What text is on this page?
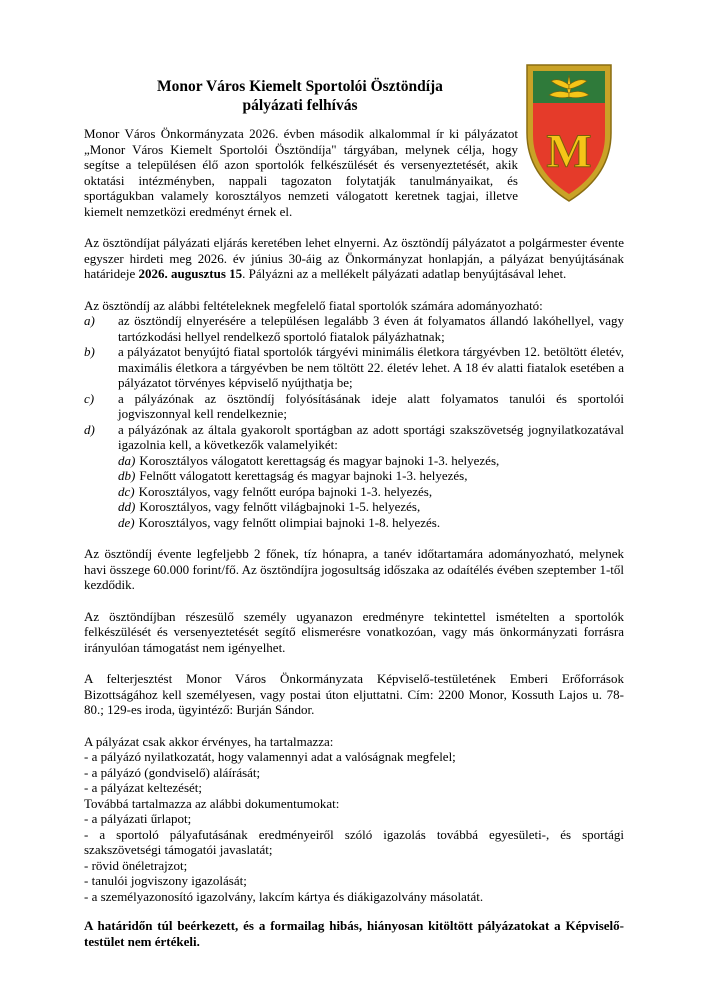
Monor Város Kiemelt Sportolói Ösztöndíja
pályázati felhívás
M

Monor Város Önkormányzata 2026. évben második alkalommal ír ki pályázatot „Monor Város Kiemelt Sportolói Ösztöndíja" tárgyában, melynek célja, hogy segítse a településen élő azon sportolók felkészülését és versenyeztetését, akik oktatási intézményben, nappali tagozaton folytatják tanulmányaikat, és sportágukban valamely korosztályos nemzeti válogatott keretnek tagjai, illetve kiemelt nemzetközi eredményt érnek el.

Az ösztöndíjat pályázati eljárás keretében lehet elnyerni. Az ösztöndíj pályázatot a polgármester évente egyszer hirdeti meg 2026. év június 30-áig az Önkormányzat honlapján, a pályázat benyújtásának határideje 2026. augusztus 15. Pályázni az a mellékelt pályázati adatlap benyújtásával lehet.

Az ösztöndíj az alábbi feltételeknek megfelelő fiatal sportolók számára adományozható:
a)	az ösztöndíj elnyerésére a településen legalább 3 éven át folyamatos állandó lakóhellyel, vagy tartózkodási hellyel rendelkező sportoló fiatalok pályázhatnak;
b)	a pályázatot benyújtó fiatal sportolók tárgyévi minimális életkora tárgyévben 12. betöltött életév, maximális életkora a tárgyévben be nem töltött 22. életév lehet. A 18 év alatti fiatalok esetében a pályázatot törvényes képviselő nyújthatja be;
c)	a pályázónak az ösztöndíj folyósításának ideje alatt folyamatos tanulói és sportolói jogviszonnyal kell rendelkeznie;
d)	a pályázónak az általa gyakorolt sportágban az adott sportági szakszövetség jognyilatkozatával igazolnia kell, a következők valamelyikét:
da) Korosztályos válogatott kerettagság és magyar bajnoki 1-3. helyezés,
db) Felnőtt válogatott kerettagság és magyar bajnoki 1-3. helyezés,
dc) Korosztályos, vagy felnőtt európa bajnoki 1-3. helyezés,
dd) Korosztályos, vagy felnőtt világbajnoki 1-5. helyezés,
de) Korosztályos, vagy felnőtt olimpiai bajnoki 1-8. helyezés.

Az ösztöndíj évente legfeljebb 2 főnek, tíz hónapra, a tanév időtartamára adományozható, melynek havi összege 60.000 forint/fő. Az ösztöndíjra jogosultság időszaka az odaítélés évében szeptember 1-től kezdődik.

Az ösztöndíjban részesülő személy ugyanazon eredményre tekintettel ismételten a sportolók felkészülését és versenyeztetését segítő elismerésre vonatkozóan, vagy más önkormányzati forrásra irányulóan támogatást nem igényelhet.

A felterjesztést Monor Város Önkormányzata Képviselő-testületének Emberi Erőforrások Bizottságához kell személyesen, vagy postai úton eljuttatni. Cím: 2200 Monor, Kossuth Lajos u. 78-80.; 129-es iroda, ügyintéző: Burján Sándor.

A pályázat csak akkor érvényes, ha tartalmazza:
- a pályázó nyilatkozatát, hogy valamennyi adat a valóságnak megfelel;
- a pályázó (gondviselő) aláírását;
- a pályázat keltezését;
Továbbá tartalmazza az alábbi dokumentumokat:
- a pályázati űrlapot;
- a sportoló pályafutásának eredményeiről szóló igazolás továbbá egyesületi-, és sportági szakszövetségi támogatói javaslatát;
- rövid önéletrajzot;
- tanulói jogviszony igazolását;
- a személyazonosító igazolvány, lakcím kártya és diákigazolvány másolatát.
A határidőn túl beérkezett, és a formailag hibás, hiányosan kitöltött pályázatokat a Képviselő-testület nem értékeli.
